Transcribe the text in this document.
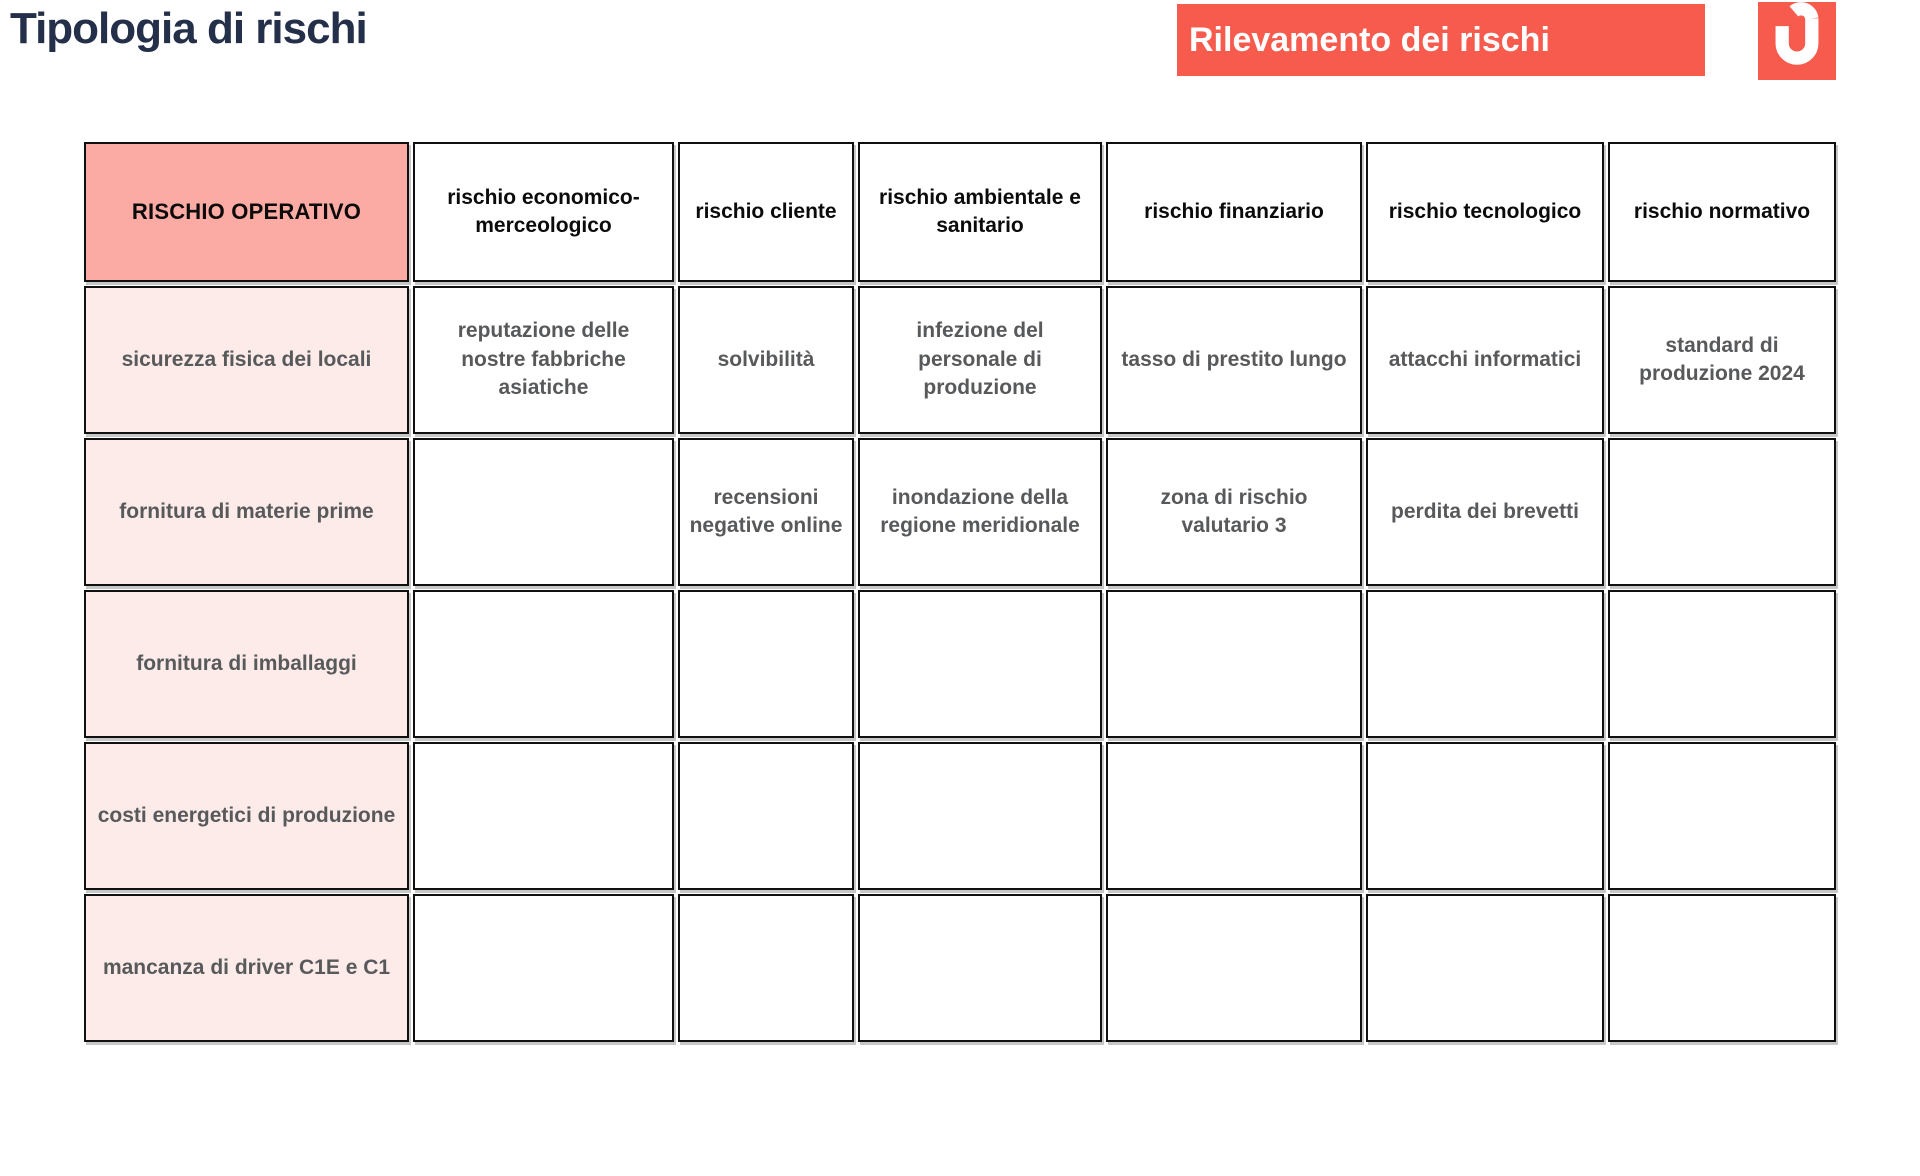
Tipologia di rischi	Rilevamento dei rischi
RISCHIO OPERATIVO	rischio economico-merceologico	rischio cliente	rischio ambientale e sanitario	rischio finanziario	rischio tecnologico	rischio normativo
sicurezza fisica dei locali	reputazione delle nostre fabbriche asiatiche	solvibilità	infezione del personale di produzione	tasso di prestito lungo	attacchi informatici	standard di produzione 2024
fornitura di materie prime		recensioni negative online	inondazione della regione meridionale	zona di rischio valutario 3	perdita dei brevetti	
fornitura di imballaggi						
costi energetici di produzione						
mancanza di driver C1E e C1						
